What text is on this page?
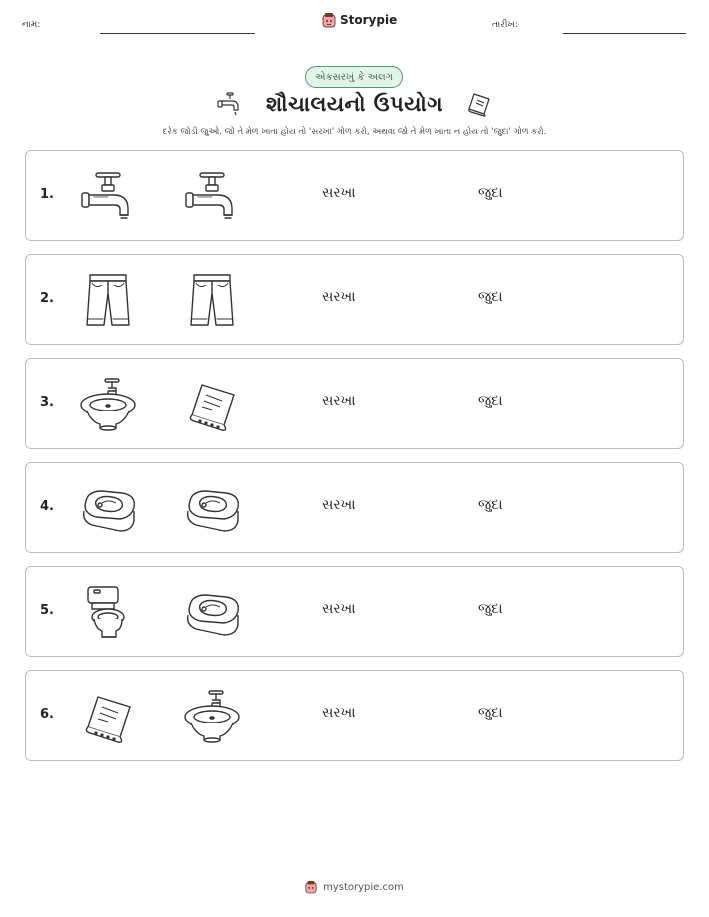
નામ:	Storypie	તારીખ:
એકસરખું કે અલગ
શૌચાલયનો ઉપયોગ
દરેક જોડી જુઓ. જો તે મેળ ખાતા હોય તો 'સરખા' ગોળ કરો, અથવા જો તે મેળ ખાતા ન હોય તો 'જુદા' ગોળ કરો.
1.	સરખા	જુદા
2.	સરખા	જુદા
3.	સરખા	જુદા
4.	સરખા	જુદા
5.	સરખા	જુદા
6.	સરખા	જુદા
mystorypie.com
